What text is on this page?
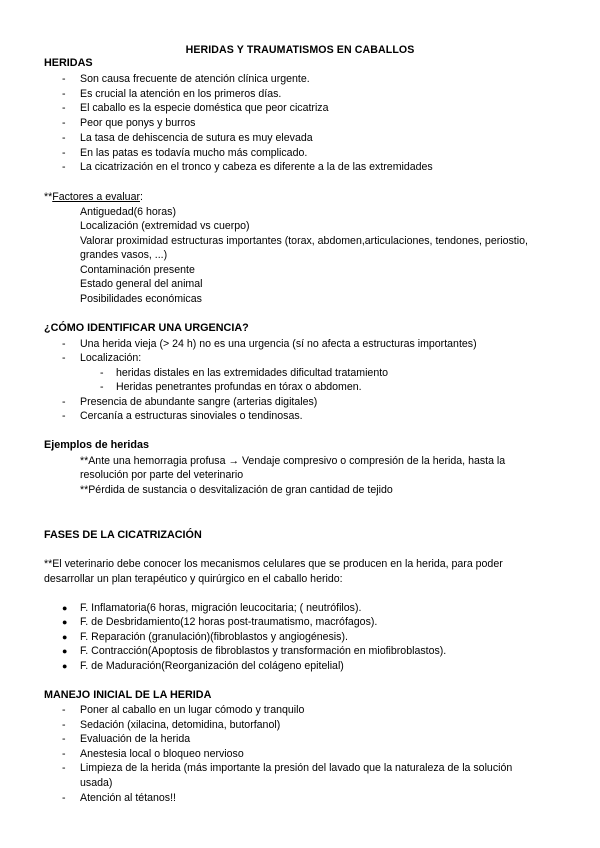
HERIDAS Y TRAUMATISMOS EN CABALLOS
HERIDAS
- Son causa frecuente de atención clínica urgente.
- Es crucial la atención en los primeros días.
- El caballo es la especie doméstica que peor cicatriza
- Peor que ponys y burros
- La tasa de dehiscencia de sutura es muy elevada
- En las patas es todavía mucho más complicado.
- La cicatrización en el tronco y cabeza es diferente a la de las extremidades
**Factores a evaluar:
Antiguedad(6 horas)
Localización (extremidad vs cuerpo)
Valorar proximidad estructuras importantes (torax, abdomen,articulaciones, tendones, periostio,
grandes vasos, ...)
Contaminación presente
Estado general del animal
Posibilidades económicas
¿CÓMO IDENTIFICAR UNA URGENCIA?
- Una herida vieja (> 24 h) no es una urgencia (sí no afecta a estructuras importantes)
- Localización:
- heridas distales en las extremidades dificultad tratamiento
- Heridas penetrantes profundas en tórax o abdomen.
- Presencia de abundante sangre (arterias digitales)
- Cercanía a estructuras sinoviales o tendinosas.
Ejemplos de heridas
**Ante una hemorragia profusa → Vendaje compresivo o compresión de la herida, hasta la
resolución por parte del veterinario
**Pérdida de sustancia o desvitalización de gran cantidad de tejido
FASES DE LA CICATRIZACIÓN
**El veterinario debe conocer los mecanismos celulares que se producen en la herida, para poder
desarrollar un plan terapéutico y quirúrgico en el caballo herido:
● F. Inflamatoria(6 horas, migración leucocitaria; ( neutrófilos).
● F. de Desbridamiento(12 horas post-traumatismo, macrófagos).
● F. Reparación (granulación)(fibroblastos y angiogénesis).
● F. Contracción(Apoptosis de fibroblastos y transformación en miofibroblastos).
● F. de Maduración(Reorganización del colágeno epitelial)
MANEJO INICIAL DE LA HERIDA
- Poner al caballo en un lugar cómodo y tranquilo
- Sedación (xilacina, detomidina, butorfanol)
- Evaluación de la herida
- Anestesia local o bloqueo nervioso
- Limpieza de la herida (más importante la presión del lavado que la naturaleza de la solución
usada)
- Atención al tétanos!!
